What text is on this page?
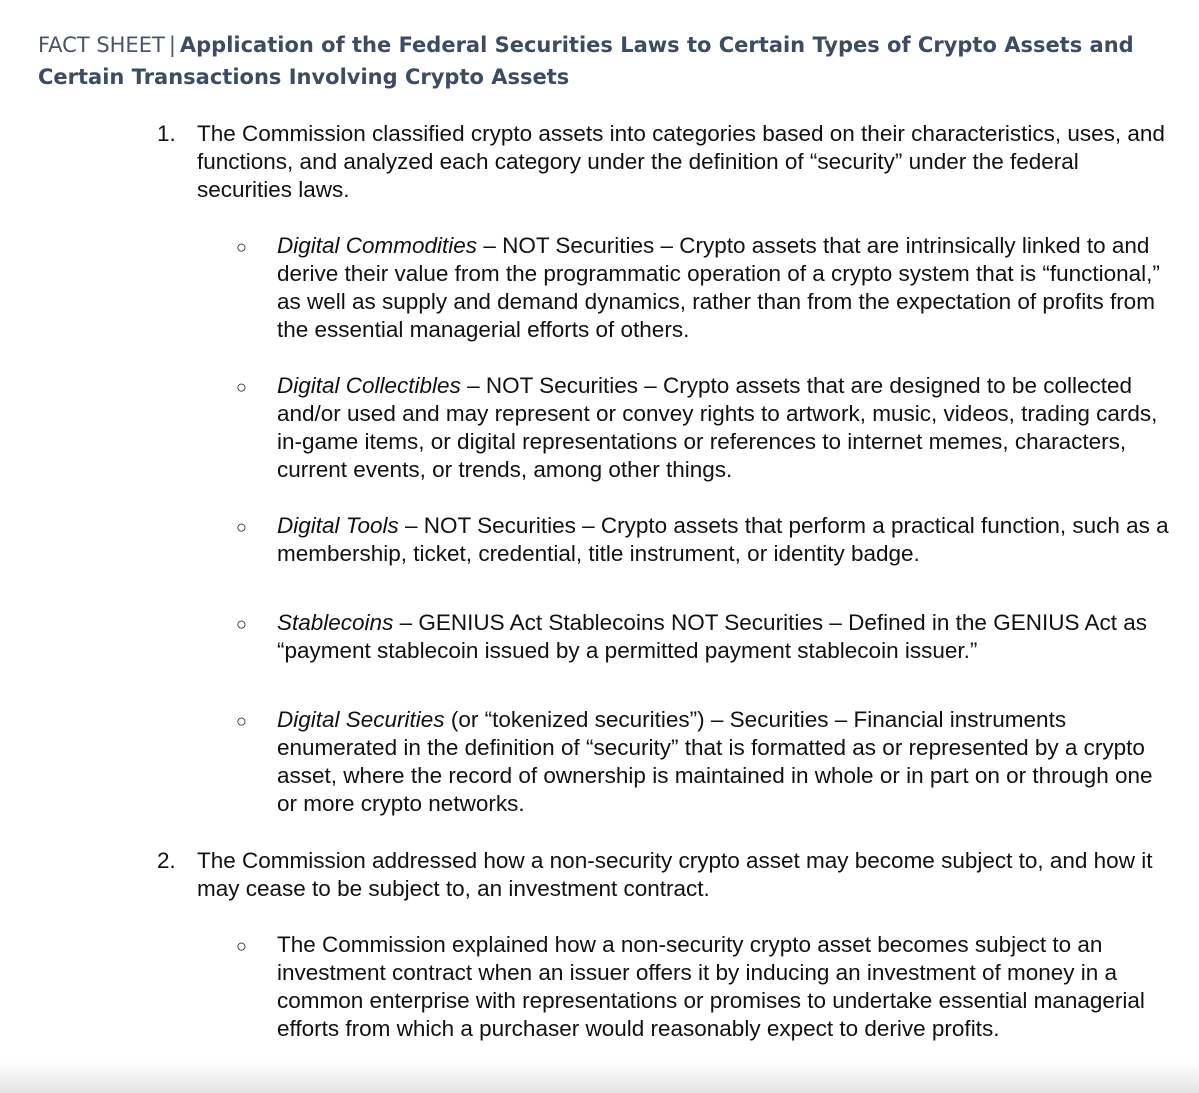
FACT SHEET | Application of the Federal Securities Laws to Certain Types of Crypto Assets and Certain Transactions Involving Crypto Assets
1. The Commission classified crypto assets into categories based on their characteristics, uses, and functions, and analyzed each category under the definition of “security” under the federal securities laws.
○	Digital Commodities – NOT Securities – Crypto assets that are intrinsically linked to and derive their value from the programmatic operation of a crypto system that is “functional,” as well as supply and demand dynamics, rather than from the expectation of profits from the essential managerial efforts of others.
○	Digital Collectibles – NOT Securities – Crypto assets that are designed to be collected and/or used and may represent or convey rights to artwork, music, videos, trading cards, in-game items, or digital representations or references to internet memes, characters, current events, or trends, among other things.
○	Digital Tools – NOT Securities – Crypto assets that perform a practical function, such as a membership, ticket, credential, title instrument, or identity badge.
○	Stablecoins – GENIUS Act Stablecoins NOT Securities – Defined in the GENIUS Act as “payment stablecoin issued by a permitted payment stablecoin issuer.”
○	Digital Securities (or “tokenized securities”) – Securities – Financial instruments enumerated in the definition of “security” that is formatted as or represented by a crypto asset, where the record of ownership is maintained in whole or in part on or through one or more crypto networks.
2. The Commission addressed how a non-security crypto asset may become subject to, and how it may cease to be subject to, an investment contract.
○	The Commission explained how a non-security crypto asset becomes subject to an investment contract when an issuer offers it by inducing an investment of money in a common enterprise with representations or promises to undertake essential managerial efforts from which a purchaser would reasonably expect to derive profits.
